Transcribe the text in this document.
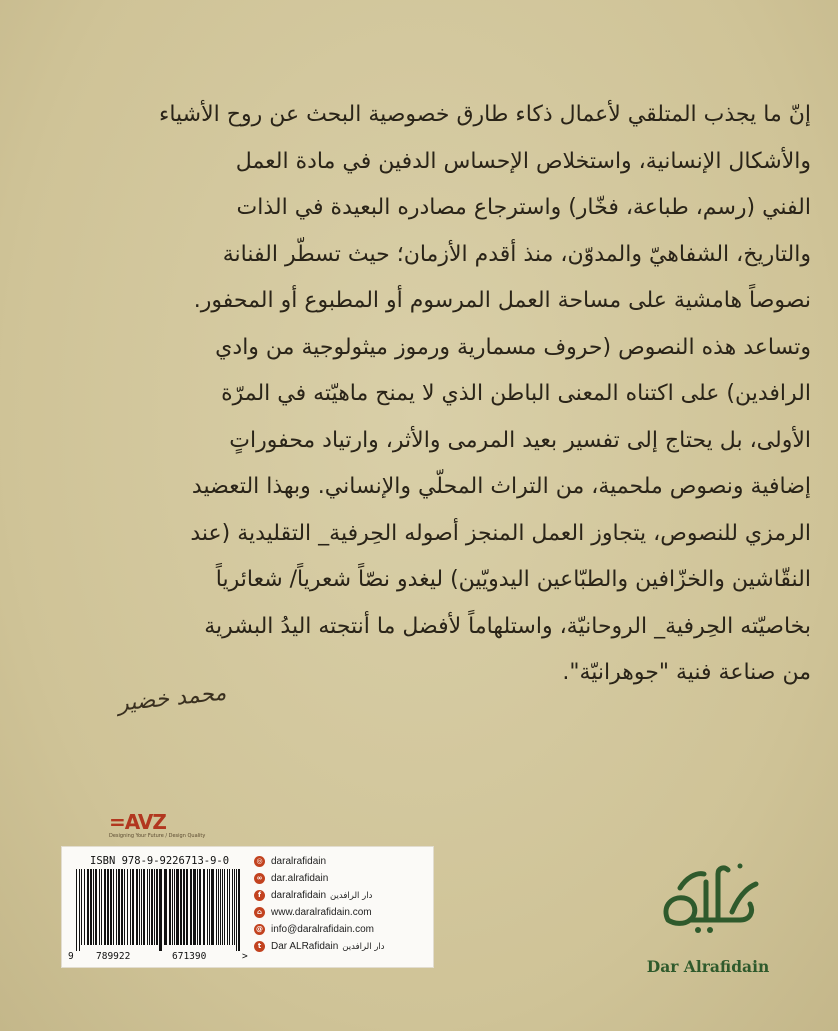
إنّ ما يجذب المتلقي لأعمال ذكاء طارق خصوصية البحث عن روح الأشياء
والأشكال الإنسانية، واستخلاص الإحساس الدفين في مادة العمل
الفني (رسم، طباعة، فخّار) واسترجاع مصادره البعيدة في الذات
والتاريخ، الشفاهيّ والمدوّن، منذ أقدم الأزمان؛ حيث تسطّر الفنانة
نصوصاً هامشية على مساحة العمل المرسوم أو المطبوع أو المحفور.
وتساعد هذه النصوص (حروف مسمارية ورموز ميثولوجية من وادي
الرافدين) على اكتناه المعنى الباطن الذي لا يمنح ماهيّته في المرّة
الأولى، بل يحتاج إلى تفسير بعيد المرمى والأثر، وارتياد محفوراتٍ
إضافية ونصوص ملحمية، من التراث المحلّي والإنساني. وبهذا التعضيد
الرمزي للنصوص، يتجاوز العمل المنجز أصوله الحِرفية_ التقليدية (عند
النقّاشين والخزّافين والطبّاعين اليدويّين) ليغدو نصّاً شعرياً/ شعائرياً
بخاصيّته الحِرفية_ الروحانيّة، واستلهاماً لأفضل ما أنتجته اليدُ البشرية
من صناعة فنية "جوهرانيّة".
محمد خضير
=AVZ
Designing Your Future / Design Quality
ISBN 978-9-9226713-9-0
9 789922	671390	>
◎ daralrafidain
∞ dar.alrafidain
f daralrafidain دار الرافدين
⌂ www.daralrafidain.com
@ info@daralrafidain.com
t Dar ALRafidain دار الرافدين
Dar Alrafidain
